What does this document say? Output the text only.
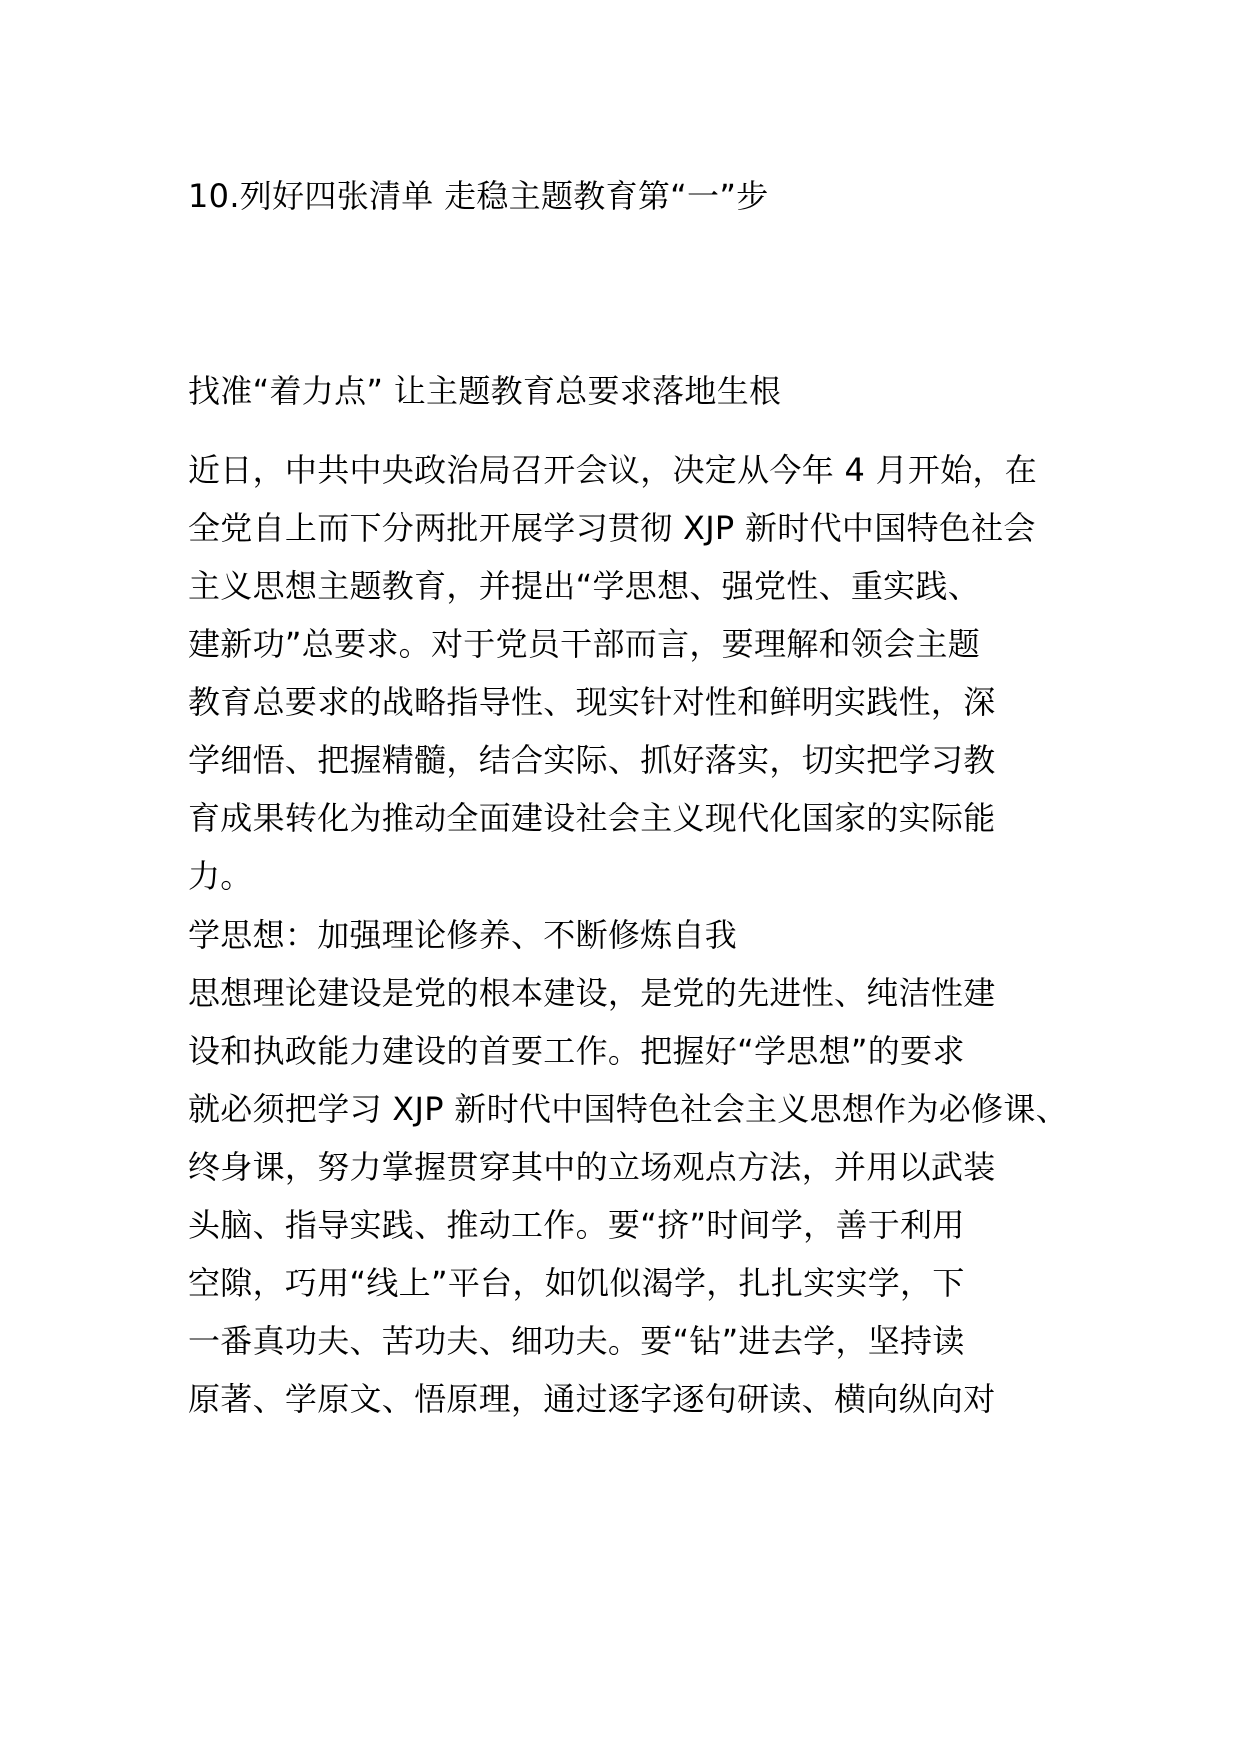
10.列好四张清单 走稳主题教育第“一”步
找准“着力点” 让主题教育总要求落地生根
近日，中共中央政治局召开会议，决定从今年 4 月开始，在
全党自上而下分两批开展学习贯彻 XJP 新时代中国特色社会
主义思想主题教育，并提出“学思想、强党性、重实践、
建新功”总要求。对于党员干部而言，要理解和领会主题
教育总要求的战略指导性、现实针对性和鲜明实践性，深
学细悟、把握精髓，结合实际、抓好落实，切实把学习教
育成果转化为推动全面建设社会主义现代化国家的实际能
力。
学思想：加强理论修养、不断修炼自我
思想理论建设是党的根本建设，是党的先进性、纯洁性建
设和执政能力建设的首要工作。把握好“学思想”的要求
就必须把学习 XJP 新时代中国特色社会主义思想作为必修课、
终身课，努力掌握贯穿其中的立场观点方法，并用以武装
头脑、指导实践、推动工作。要“挤”时间学，善于利用
空隙，巧用“线上”平台，如饥似渴学，扎扎实实学，下
一番真功夫、苦功夫、细功夫。要“钻”进去学，坚持读
原著、学原文、悟原理，通过逐字逐句研读、横向纵向对
